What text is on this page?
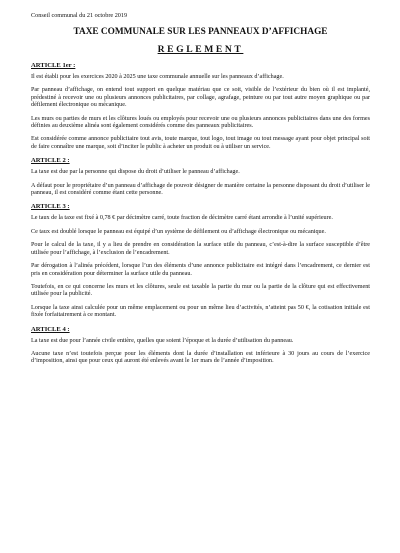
Conseil communal du 21 octobre 2019
TAXE COMMUNALE SUR LES PANNEAUX D’AFFICHAGE
REGLEMENT
ARTICLE 1er :

Il est établi pour les exercices 2020 à 2025 une taxe communale annuelle sur les panneaux d’affichage.

Par panneau d’affichage, on entend tout support en quelque matériau que ce soit, visible de l’extérieur du bien où il est implanté, prédestiné à recevoir une ou plusieurs annonces publicitaires, par collage, agrafage, peinture ou par tout autre moyen graphique ou par défilement électronique ou mécanique.

Les murs ou parties de murs et les clôtures loués ou employés pour recevoir une ou plusieurs annonces publicitaires dans une des formes définies au deuxième alinéa sont également considérés comme des panneaux publicitaires.

Est considérée comme annonce publicitaire tout avis, toute marque, tout logo, tout image ou tout message ayant pour objet principal soit de faire connaître une marque, soit d’inciter le public à acheter un produit ou à utiliser un service.

ARTICLE 2 :

La taxe est due par la personne qui dispose du droit d’utiliser le panneau d’affichage.

A défaut pour le propriétaire d’un panneau d’affichage de pouvoir désigner de manière certaine la personne disposant du droit d’utiliser le panneau, il est considéré comme étant cette personne.

ARTICLE 3 :

Le taux de la taxe est fixé à 0,78 € par décimètre carré, toute fraction de décimètre carré étant arrondie à l’unité supérieure.

Ce taux est doublé lorsque le panneau est équipé d’un système de défilement ou d’affichage électronique ou mécanique.

Pour le calcul de la taxe, il y a lieu de prendre en considération la surface utile du panneau, c’est-à-dire la surface susceptible d’être utilisée pour l’affichage, à l’exclusion de l’encadrement.

Par dérogation à l’alinéa précédent, lorsque l’un des éléments d’une annonce publicitaire est intégré dans l’encadrement, ce dernier est pris en considération pour déterminer la surface utile du panneau.

Toutefois, en ce qui concerne les murs et les clôtures, seule est taxable la partie du mur ou la partie de la clôture qui est effectivement utilisée pour la publicité.

Lorsque la taxe ainsi calculée pour un même emplacement ou pour un même lieu d’activités, n’atteint pas 50 €, la cotisation initiale est fixée forfaitairement à ce montant.

ARTICLE 4 :

La taxe est due pour l’année civile entière, quelles que soient l’époque et la durée d’utilisation du panneau.

Aucune taxe n’est toutefois perçue pour les éléments dont la durée d’installation est inférieure à 30 jours au cours de l’exercice d’imposition, ainsi que pour ceux qui auront été enlevés avant le 1er mars de l’année d’imposition.
